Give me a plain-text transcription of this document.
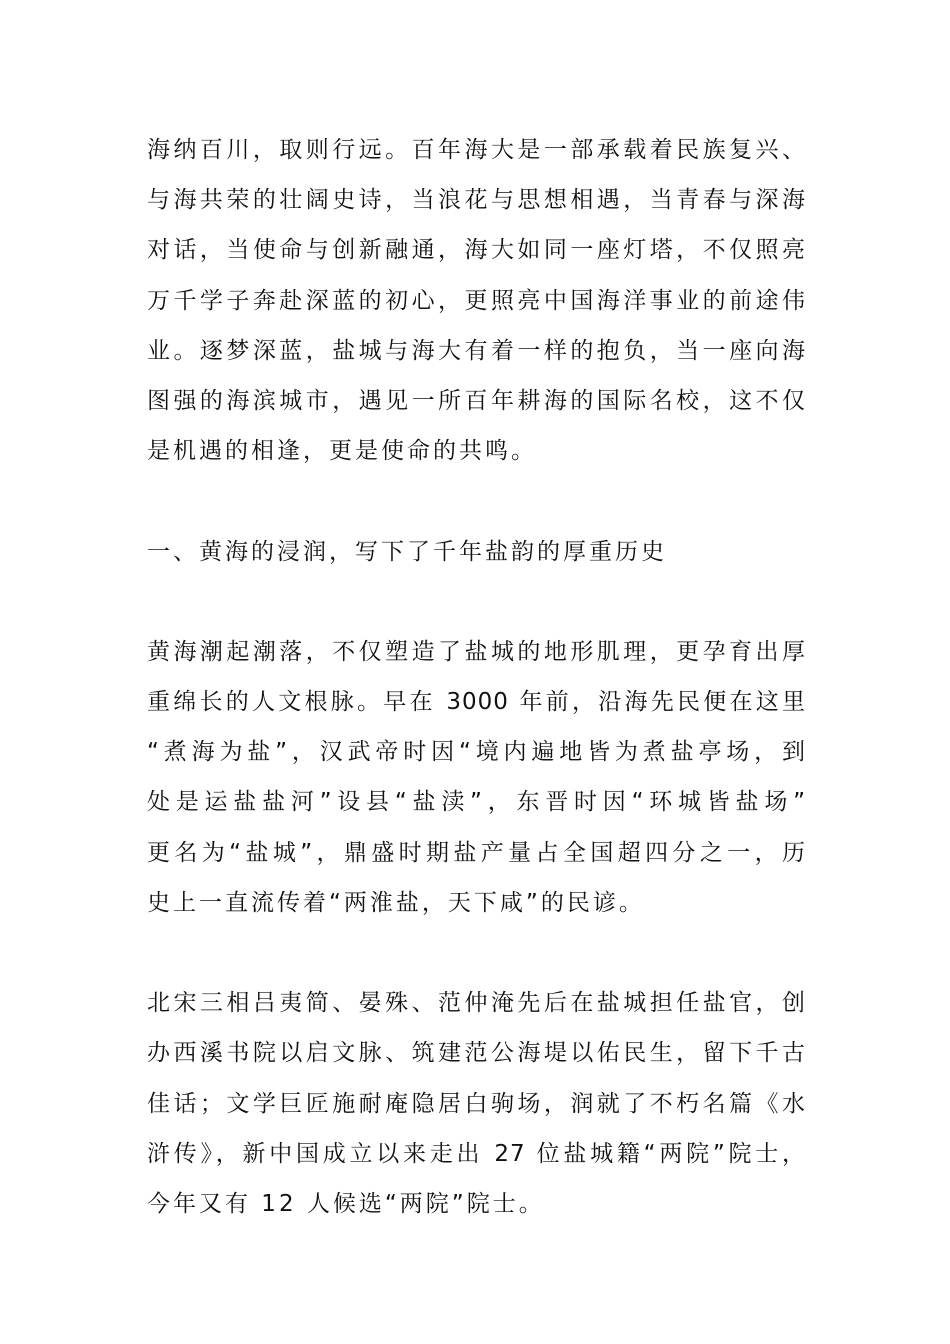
海纳百川，取则行远。百年海大是一部承载着民族复兴、
与海共荣的壮阔史诗，当浪花与思想相遇，当青春与深海
对话，当使命与创新融通，海大如同一座灯塔，不仅照亮
万千学子奔赴深蓝的初心，更照亮中国海洋事业的前途伟
业。逐梦深蓝，盐城与海大有着一样的抱负，当一座向海
图强的海滨城市，遇见一所百年耕海的国际名校，这不仅
是机遇的相逢，更是使命的共鸣。
一、黄海的浸润，写下了千年盐韵的厚重历史
黄海潮起潮落，不仅塑造了盐城的地形肌理，更孕育出厚
重绵长的人文根脉。早在 3000 年前，沿海先民便在这里
“煮海为盐”，汉武帝时因“境内遍地皆为煮盐亭场，到
处是运盐盐河”设县“盐渎”，东晋时因“环城皆盐场”
更名为“盐城”，鼎盛时期盐产量占全国超四分之一，历
史上一直流传着“两淮盐，天下咸”的民谚。
北宋三相吕夷简、晏殊、范仲淹先后在盐城担任盐官，创
办西溪书院以启文脉、筑建范公海堤以佑民生，留下千古
佳话；文学巨匠施耐庵隐居白驹场，润就了不朽名篇《水
浒传》，新中国成立以来走出 27 位盐城籍“两院”院士，
今年又有 12 人候选“两院”院士。
